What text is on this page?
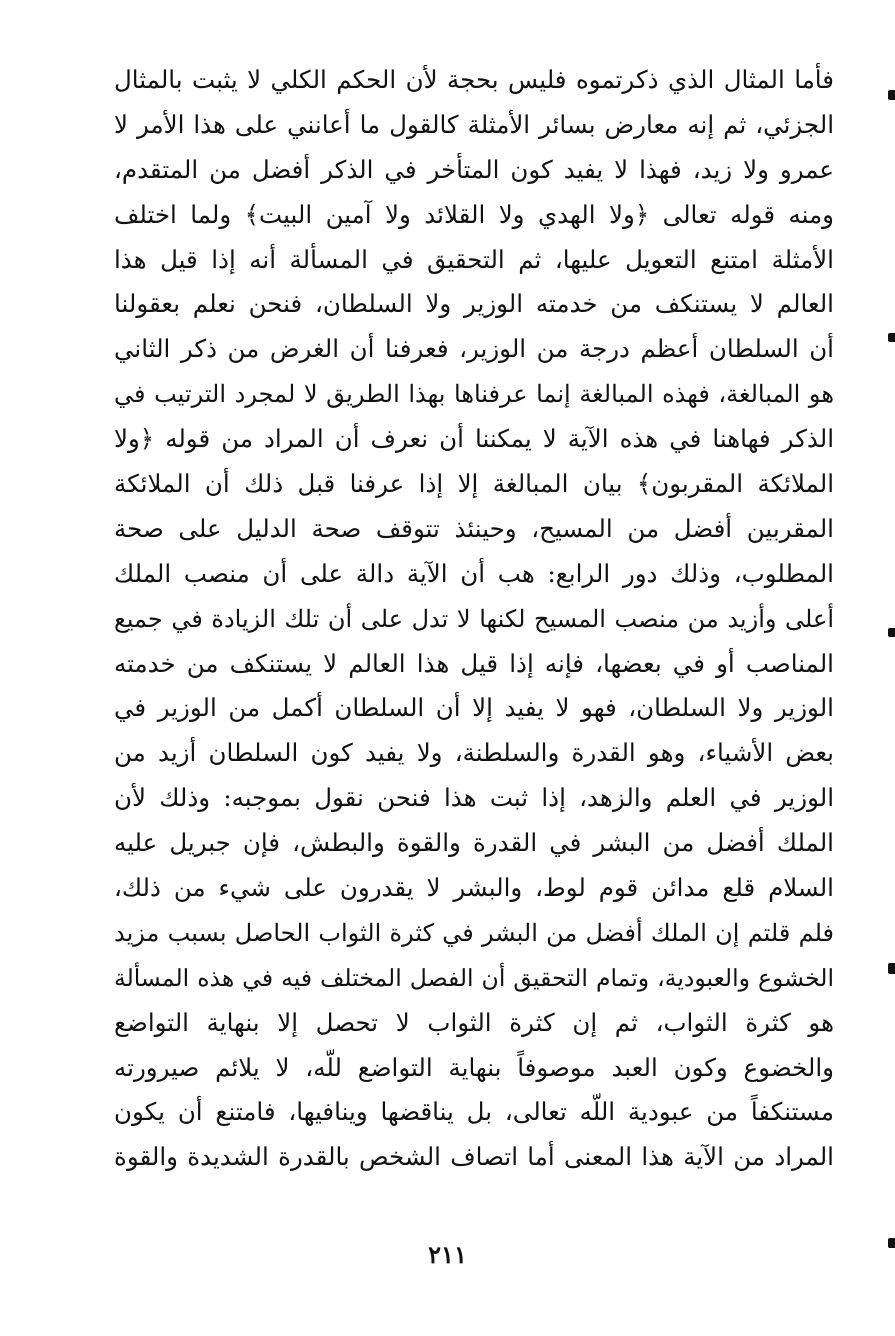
فأما المثال الذي ذكرتموه فليس بحجة لأن الحكم الكلي لا يثبت بالمثال
الجزئي، ثم إنه معارض بسائر الأمثلة كالقول ما أعانني على هذا الأمر لا
عمرو ولا زيد، فهذا لا يفيد كون المتأخر في الذكر أفضل من المتقدم،
ومنه قوله تعالى ﴿ولا الهدي ولا القلائد ولا آمين البيت﴾ ولما اختلف
الأمثلة امتنع التعويل عليها، ثم التحقيق في المسألة أنه إذا قيل هذا
العالم لا يستنكف من خدمته الوزير ولا السلطان، فنحن نعلم بعقولنا
أن السلطان أعظم درجة من الوزير، فعرفنا أن الغرض من ذكر الثاني
هو المبالغة، فهذه المبالغة إنما عرفناها بهذا الطريق لا لمجرد الترتيب في
الذكر فهاهنا في هذه الآية لا يمكننا أن نعرف أن المراد من قوله ﴿ولا
الملائكة المقربون﴾ بيان المبالغة إلا إذا عرفنا قبل ذلك أن الملائكة
المقربين أفضل من المسيح، وحينئذ تتوقف صحة الدليل على صحة
المطلوب، وذلك دور الرابع: هب أن الآية دالة على أن منصب الملك
أعلى وأزيد من منصب المسيح لكنها لا تدل على أن تلك الزيادة في جميع
المناصب أو في بعضها، فإنه إذا قيل هذا العالم لا يستنكف من خدمته
الوزير ولا السلطان، فهو لا يفيد إلا أن السلطان أكمل من الوزير في
بعض الأشياء، وهو القدرة والسلطنة، ولا يفيد كون السلطان أزيد من
الوزير في العلم والزهد، إذا ثبت هذا فنحن نقول بموجبه: وذلك لأن
الملك أفضل من البشر في القدرة والقوة والبطش، فإن جبريل عليه
السلام قلع مدائن قوم لوط، والبشر لا يقدرون على شيء من ذلك،
فلم قلتم إن الملك أفضل من البشر في كثرة الثواب الحاصل بسبب مزيد
الخشوع والعبودية، وتمام التحقيق أن الفصل المختلف فيه في هذه المسألة
هو كثرة الثواب، ثم إن كثرة الثواب لا تحصل إلا بنهاية التواضع
والخضوع وكون العبد موصوفاً بنهاية التواضع للّه، لا يلائم صيرورته
مستنكفاً من عبودية اللّه تعالى، بل يناقضها وينافيها، فامتنع أن يكون
المراد من الآية هذا المعنى أما اتصاف الشخص بالقدرة الشديدة والقوة
٢١١
